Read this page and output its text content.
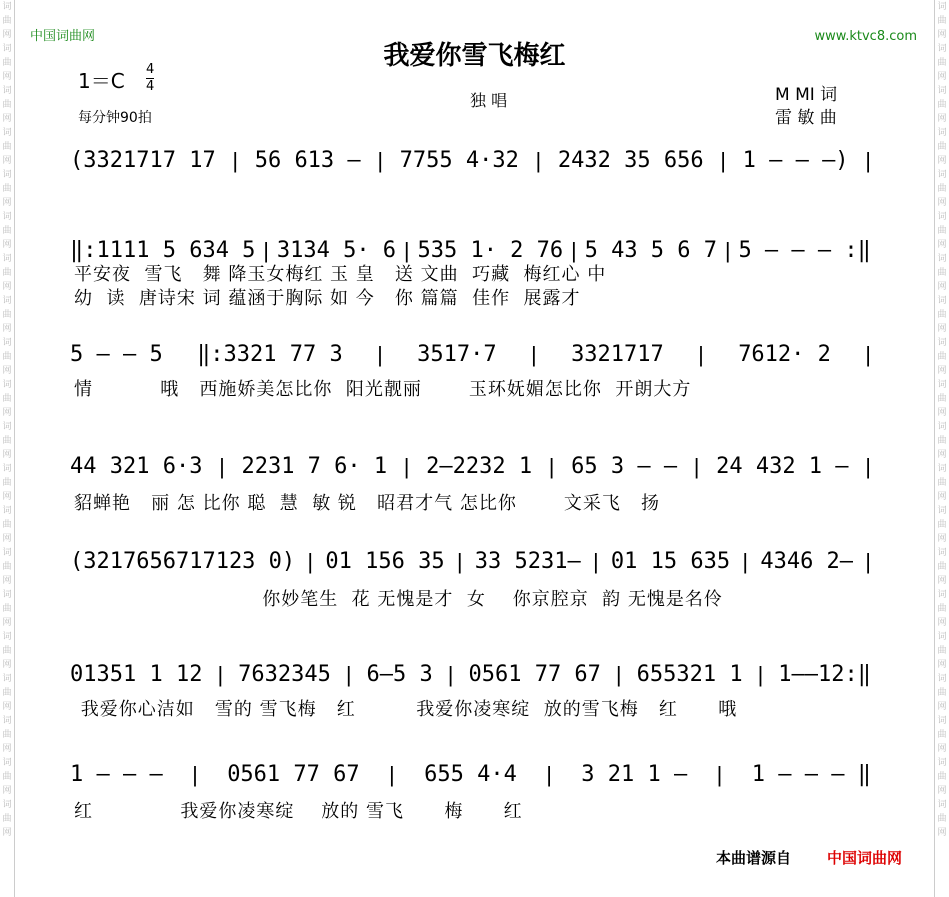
词曲网词曲网词曲网词曲网词曲网词曲网词曲网词曲网词曲网词曲网词曲网词曲网词曲网词曲网词曲网词曲网词曲网词曲网词曲网词曲网
词曲网词曲网词曲网词曲网词曲网词曲网词曲网词曲网词曲网词曲网词曲网词曲网词曲网词曲网词曲网词曲网词曲网词曲网词曲网词曲网
中国词曲网	www.ktvc8.com
我爱你雪飞梅红
1＝C 4
4
每分钟90拍
独 唱	M MI 词
雷 敏 曲
(3321717 17 | 56 613 — | 7755 4·32 | 2432 35 656 | 1 — — —) |
‖:1111 5 634 5 | 3134 5· 6 | 535 1· 2 76 | 5 43 5 6 7 | 5 — — — :‖
平安夜  雪飞   舞 降玉女梅红 玉 皇   送 文曲  巧藏  梅红心 中
幼  读  唐诗宋 词 蕴涵于胸际 如 今   你 篇篇  佳作  展露才
5 — — 5 ‖:3321 77 3 | 3517·7 | 3321717 | 7612· 2 |
情          哦   西施娇美怎比你  阳光靓丽       玉环妩媚怎比你  开朗大方
44 321 6·3 | 2231 7 6· 1 | 2—2232 1 | 65 3 — — | 24 432 1 — |
貂蝉艳   丽 怎 比你 聪  慧  敏 锐   昭君才气 怎比你       文采飞   扬
(3217656717123 0) | 01 156 35 | 33 5231— | 01 15 635 | 4346 2— |
你妙笔生  花 无愧是才  女    你京腔京  韵 无愧是名伶
01351 1 12 | 7632345 | 6—5 3 | 0561 77 67 | 655321 1 | 1——12:‖
我爱你心洁如   雪的 雪飞梅   红         我爱你凌寒绽  放的雪飞梅   红      哦
1 — — — | 0561 77 67 | 655 4·4 | 3 21 1 — | 1 — — — ‖
红             我爱你凌寒绽    放的 雪飞      梅      红
本曲谱源自 中国词曲网
